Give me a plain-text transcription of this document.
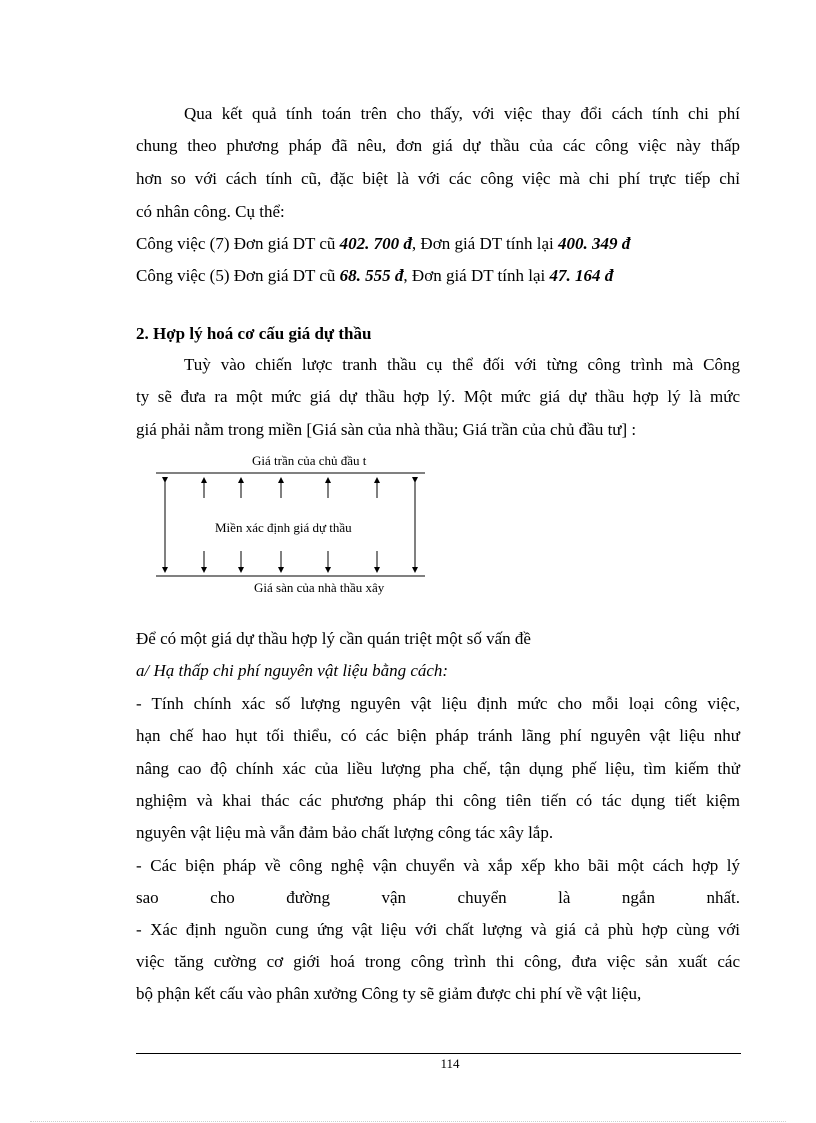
Qua kết quả tính toán trên cho thấy, với việc thay đổi cách tính chi phí
chung theo phương pháp đã nêu, đơn giá dự thầu của các công việc này thấp
hơn so với cách tính cũ, đặc biệt là với các công việc mà chi phí trực tiếp chỉ
có nhân công. Cụ thể:
Công việc (7) Đơn giá DT cũ 402. 700 đ, Đơn giá DT tính lại 400. 349 đ
Công việc (5) Đơn giá DT cũ 68. 555 đ, Đơn giá DT tính lại 47. 164 đ
2. Hợp lý hoá cơ cấu giá dự thầu
Tuỳ vào chiến lược tranh thầu cụ thể đối với từng công trình mà Công
ty sẽ đưa ra một mức giá dự thầu hợp lý. Một mức giá dự thầu hợp lý là mức
giá phải nằm trong miền [Giá sàn của nhà thầu; Giá trần của chủ đầu tư] :
Giá trần của chủ đầu t
Miền xác định giá dự thầu
Giá sàn của nhà thầu xây
Để có một giá dự thầu hợp lý cần quán triệt một số vấn đề
a/ Hạ thấp chi phí nguyên vật liệu bằng cách:
- Tính chính xác số lượng nguyên vật liệu định mức cho mỗi loại công việc,
hạn chế hao hụt tối thiểu, có các biện pháp tránh lãng phí nguyên vật liệu như
nâng cao độ chính xác của liều lượng pha chế, tận dụng phế liệu, tìm kiếm thử
nghiệm và khai thác các phương pháp thi công tiên tiến có tác dụng tiết kiệm
nguyên vật liệu mà vẫn đảm bảo chất lượng công tác xây lắp.
- Các biện pháp về công nghệ vận chuyển và xắp xếp kho bãi một cách hợp lý
sao cho đường vận chuyển là ngắn nhất.
- Xác định nguồn cung ứng vật liệu với chất lượng và giá cả phù hợp cùng với
việc tăng cường cơ giới hoá trong công trình thi công, đưa việc sản xuất các
bộ phận kết cấu vào phân xưởng Công ty sẽ giảm được chi phí về vật liệu,
114
